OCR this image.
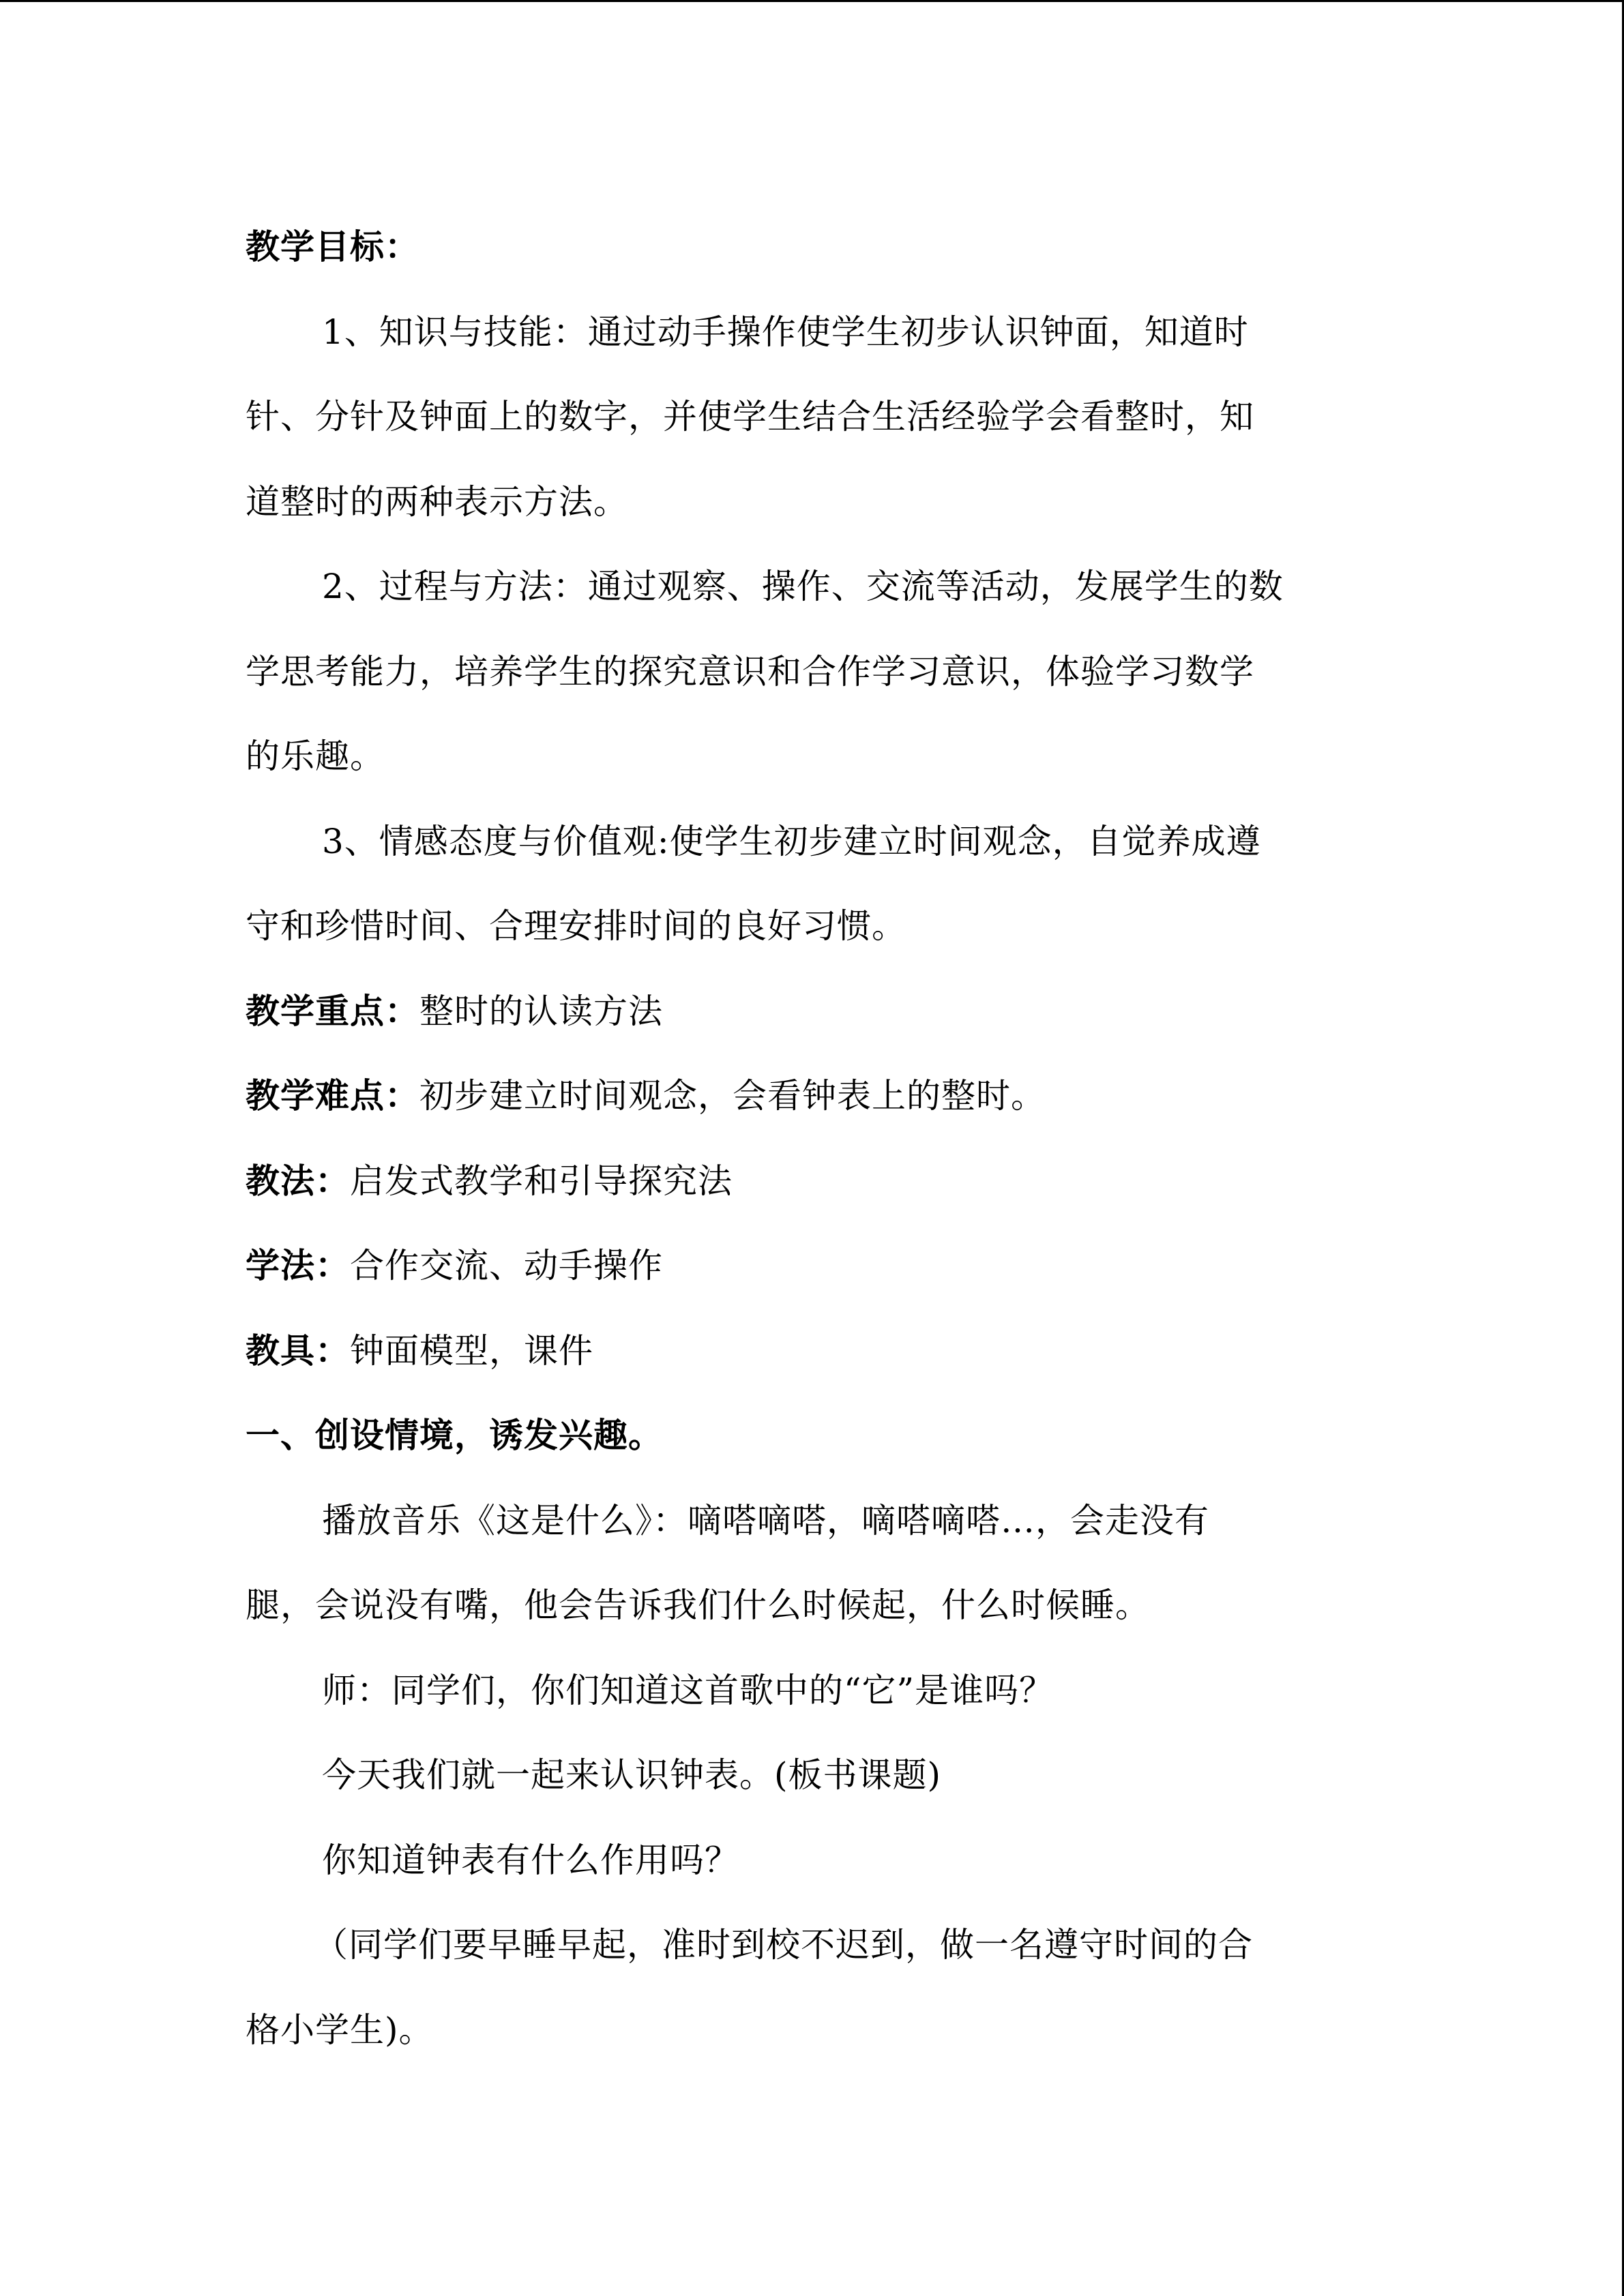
教学目标：
1、知识与技能：通过动手操作使学生初步认识钟面，知道时
针、分针及钟面上的数字，并使学生结合生活经验学会看整时，知
道整时的两种表示方法。
2、过程与方法：通过观察、操作、交流等活动，发展学生的数
学思考能力，培养学生的探究意识和合作学习意识，体验学习数学
的乐趣。
3、情感态度与价值观:使学生初步建立时间观念，自觉养成遵
守和珍惜时间、合理安排时间的良好习惯。
教学重点：整时的认读方法
教学难点：初步建立时间观念，会看钟表上的整时。
教法：启发式教学和引导探究法
学法：合作交流、动手操作
教具：钟面模型，课件
一、创设情境，诱发兴趣。
播放音乐《这是什么》：嘀嗒嘀嗒，嘀嗒嘀嗒…，会走没有
腿，会说没有嘴，他会告诉我们什么时候起，什么时候睡。
师：同学们，你们知道这首歌中的“它”是谁吗？
今天我们就一起来认识钟表。(板书课题)
你知道钟表有什么作用吗？
（同学们要早睡早起，准时到校不迟到，做一名遵守时间的合
格小学生)。
